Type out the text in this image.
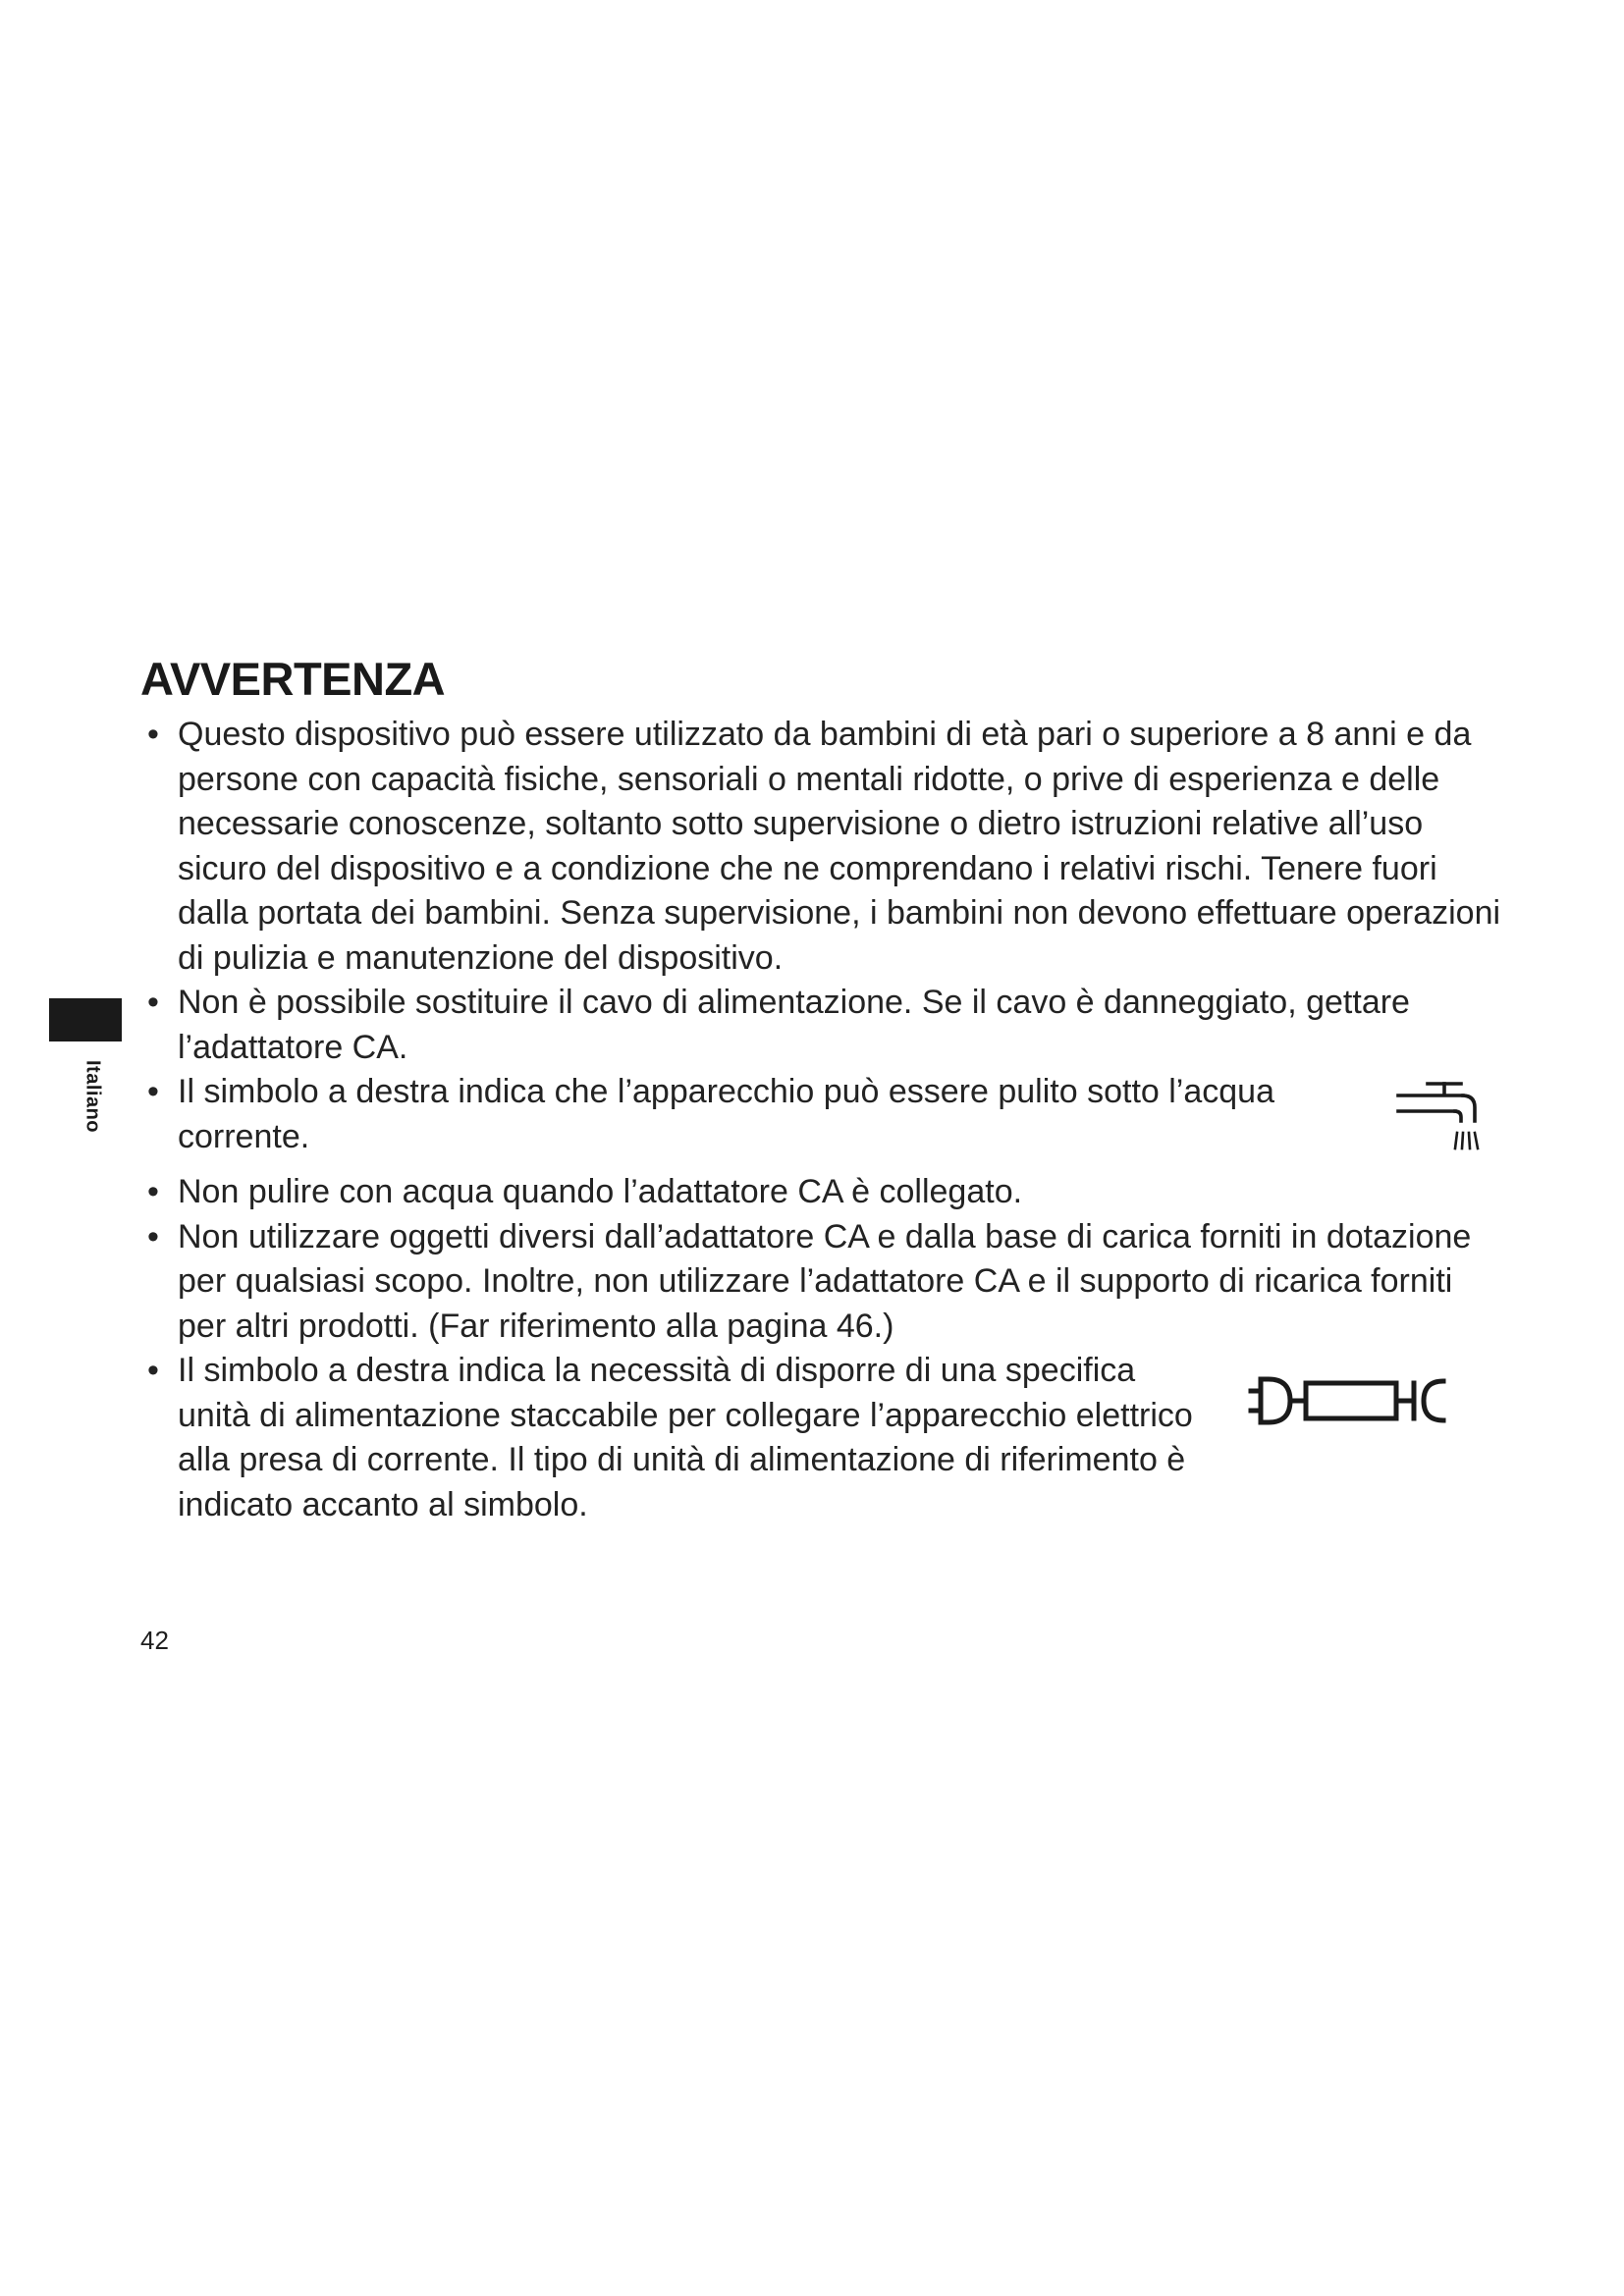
AVVERTENZA
• Questo dispositivo può essere utilizzato da bambini di età pari o superiore a 8 anni e da persone con capacità fisiche, sensoriali o mentali ridotte, o prive di esperienza e delle necessarie conoscenze, soltanto sotto supervisione o dietro istruzioni relative all’uso sicuro del dispositivo e a condizione che ne comprendano i relativi rischi. Tenere fuori dalla portata dei bambini. Senza supervisione, i bambini non devono effettuare operazioni di pulizia e manutenzione del dispositivo.
• Non è possibile sostituire il cavo di alimentazione. Se il cavo è danneggiato, gettare l’adattatore CA.
• Il simbolo a destra indica che l’apparecchio può essere pulito sotto l’acqua corrente.
• Non pulire con acqua quando l’adattatore CA è collegato.
• Non utilizzare oggetti diversi dall’adattatore CA e dalla base di carica forniti in dotazione per qualsiasi scopo. Inoltre, non utilizzare l’adattatore CA e il supporto di ricarica forniti per altri prodotti. (Far riferimento alla pagina 46.)
• Il simbolo a destra indica la necessità di disporre di una specifica unità di alimentazione staccabile per collegare l’apparecchio elettrico alla presa di corrente. Il tipo di unità di alimentazione di riferimento è indicato accanto al simbolo.
Italiano
42
